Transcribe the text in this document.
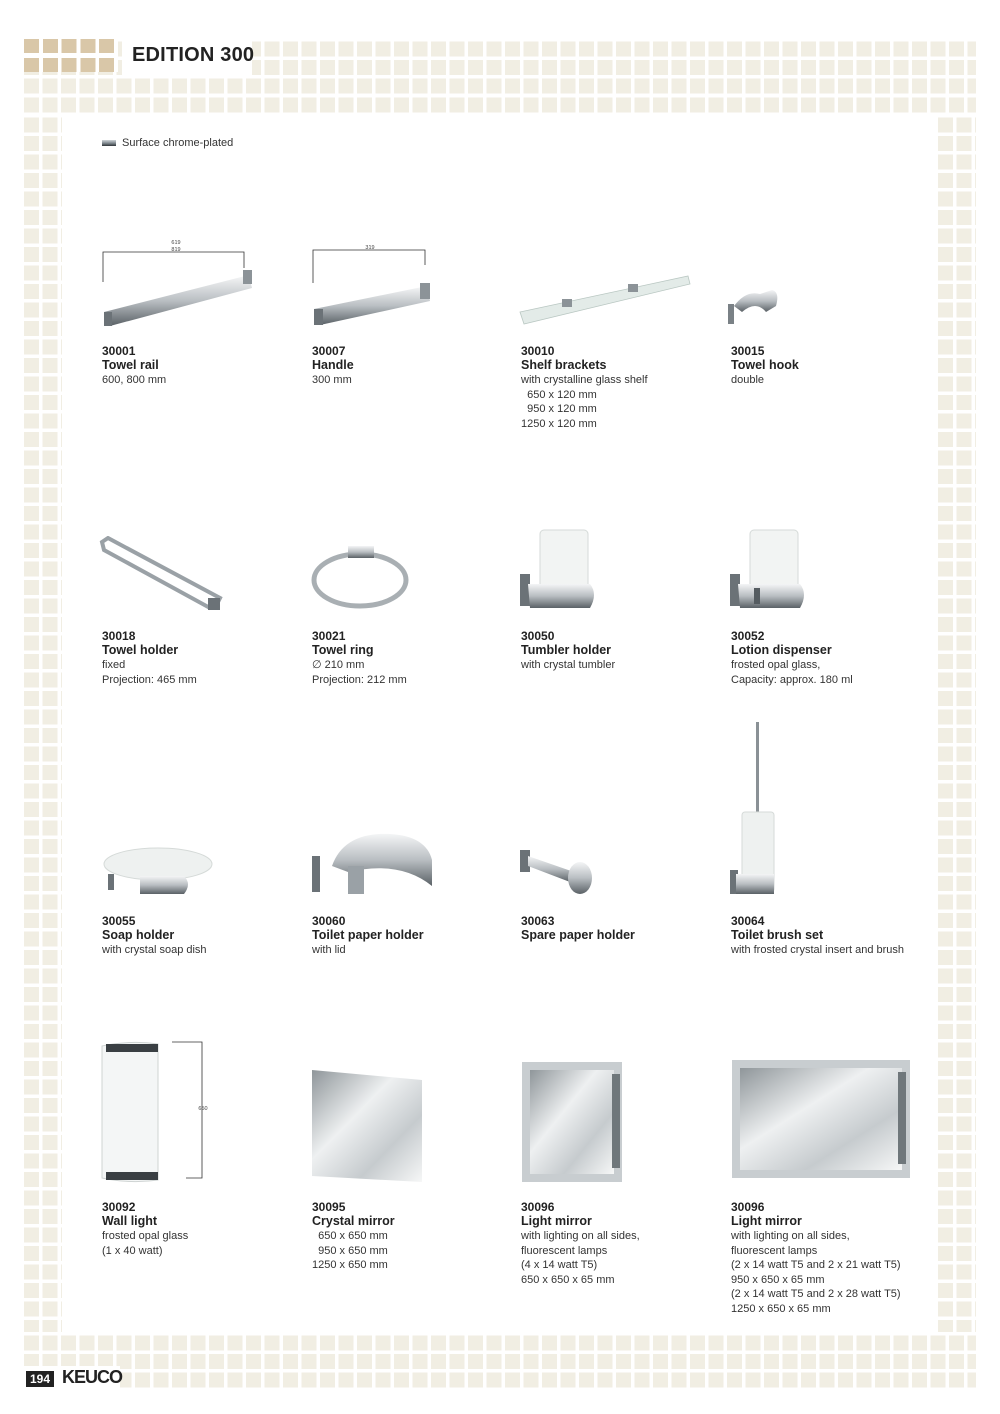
EDITION 300
Surface chrome-plated
619
819	319
650
30001
Towel rail
600, 800 mm
30007
Handle
300 mm
30010
Shelf brackets
with crystalline glass shelf
650 x 120 mm
950 x 120 mm
1250 x 120 mm
30015
Towel hook
double
30018
Towel holder
fixed
Projection: 465 mm
30021
Towel ring
∅ 210 mm
Projection: 212 mm
30050
Tumbler holder
with crystal tumbler
30052
Lotion dispenser
frosted opal glass,
Capacity: approx. 180 ml
30055
Soap holder
with crystal soap dish
30060
Toilet paper holder
with lid
30063
Spare paper holder
30064
Toilet brush set
with frosted crystal insert and brush
30092
Wall light
frosted opal glass
(1 x 40 watt)
30095
Crystal mirror
650 x 650 mm
950 x 650 mm
1250 x 650 mm
30096
Light mirror
with lighting on all sides,
fluorescent lamps
(4 x 14 watt T5)
650 x 650 x 65 mm
30096
Light mirror
with lighting on all sides,
fluorescent lamps
(2 x 14 watt T5 and 2 x 21 watt T5)
950 x 650 x 65 mm
(2 x 14 watt T5 and 2 x 28 watt T5)
1250 x 650 x 65 mm
194 KEUCO
